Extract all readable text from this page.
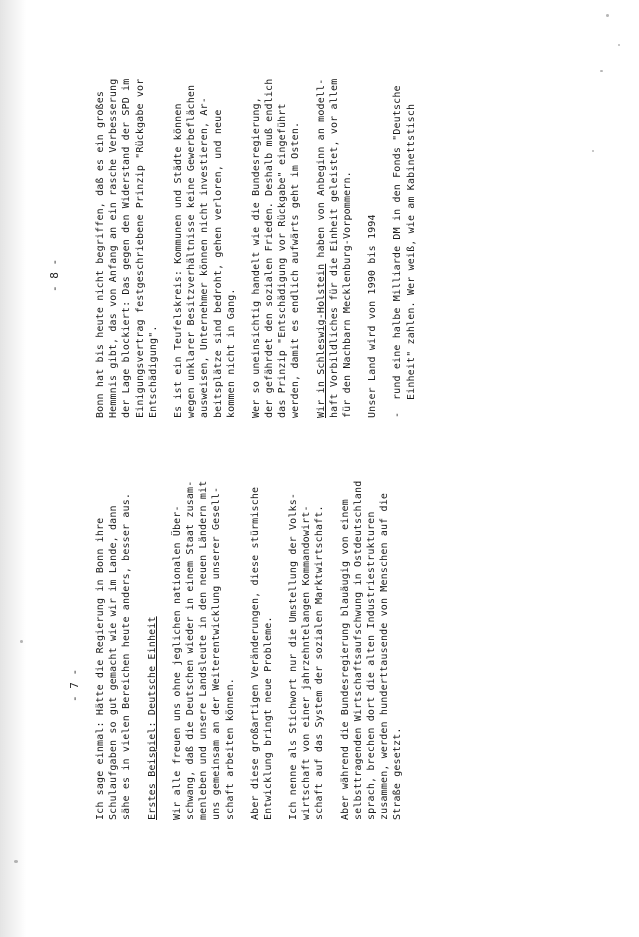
- 7 -
- 8 -

Ich sage einmal: Hätte die Regierung in Bonn ihre Schulaufgaben so gut gemacht wie wir im Lande, dann sähe es in vielen Bereichen heute anders, besser aus. Erstes Beispiel: Deutsche Einheit Wir alle freuen uns ohne jeglichen nationalen Über- schwang, daß die Deutschen wieder in einem Staat zusam- menleben und unsere Landsleute in den neuen Ländern mit uns gemeinsam an der Weiterentwicklung unserer Gesell- schaft arbeiten können. Aber diese großartigen Veränderungen, diese stürmische Entwicklung bringt neue Probleme. Ich nenne als Stichwort nur die Umstellung der Volks- wirtschaft von einer jahrzehntelangen Kommandowirt- schaft auf das System der sozialen Marktwirtschaft. Aber während die Bundesregierung blauäugig von einem selbsttragenden Wirtschaftsaufschwung in Ostdeutschland sprach, brechen dort die alten Industriestrukturen zusammen, werden hunderttausende von Menschen auf die Straße gesetzt.

Bonn hat bis heute nicht begriffen, daß es ein großes Hemmnis gibt, das von Anfang an ein rasche Verbesserung der Lage blockiert: Das gegen den Widerstand der SPD im Einigungsvertrag festgeschriebene Prinzip "Rückgabe vor Entschädigung". Es ist ein Teufelskreis: Kommunen und Städte können wegen unklarer Besitzverhältnisse keine Gewerbeflächen ausweisen, Unternehmer können nicht investieren, Ar- beitsplätze sind bedroht, gehen verloren, und neue kommen nicht in Gang. Wer so uneinsichtig handelt wie die Bundesregierung, der gefährdet den sozialen Frieden. Deshalb muß endlich das Prinzip "Entschädigung vor Rückgabe" eingeführt werden, damit es endlich aufwärts geht im Osten. Wir in Schleswig-Holstein haben von Anbeginn an modell- haft Vorbildliches für die Einheit geleistet, vor allem für den Nachbarn Mecklenburg-Vorpommern. Unser Land wird von 1990 bis 1994 -
rund eine halbe Milliarde DM in den Fonds "Deutsche Einheit" zahlen. Wer weiß, wie am Kabinettstisch
